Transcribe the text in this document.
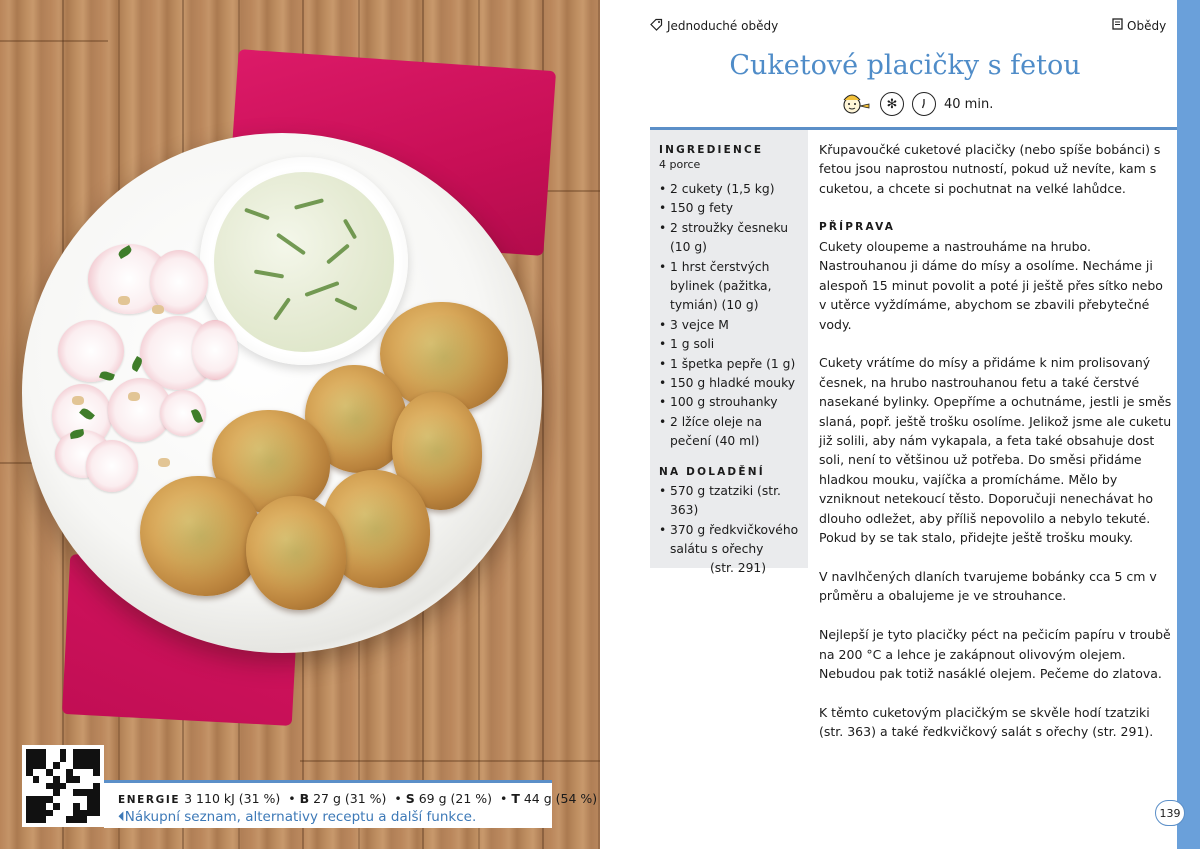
ENERGIE 3 110 kJ (31 %)  • B 27 g (31 %)  • S 69 g (21 %)  • T 44 g (54 %)
⏴Nákupní seznam, alternativy receptu a další funkce.
Jednoduché obědy	Obědy
Cuketové placičky s fetou
✻	40 min.
INGREDIENCE
4 porce
• 2 cukety (1,5 kg)
• 150 g fety
• 2 stroužky česneku (10 g)
• 1 hrst čerstvých bylinek (pažitka, tymián) (10 g)
• 3 vejce M
• 1 g soli
• 1 špetka pepře (1 g)
• 150 g hladké mouky
• 100 g strouhanky
• 2 lžíce oleje na pečení (40 ml)
NA DOLADĚNÍ
• 570 g tzatziki (str. 363)
• 370 g ředkvičkového salátu s ořechy
(str. 291)

Křupavoučké cuketové placičky (nebo spíše bobánci) s fetou jsou naprostou nutností, pokud už nevíte, kam s cuketou, a chcete si pochutnat na velké lahůdce.

PŘÍPRAVA

Cukety oloupeme a nastrouháme na hrubo. Nastrouhanou ji dáme do mísy a osolíme. Necháme ji alespoň 15 minut povolit a poté ji ještě přes sítko nebo v utěrce vyždímáme, abychom se zbavili přebytečné vody.

Cukety vrátíme do mísy a přidáme k nim prolisovaný česnek, na hrubo nastrouhanou fetu a také čerstvé nasekané bylinky. Opepříme a ochutnáme, jestli je směs slaná, popř. ještě trošku osolíme. Jelikož jsme ale cuketu již solili, aby nám vykapala, a feta také obsahuje dost soli, není to většinou už potřeba. Do směsi přidáme hladkou mouku, vajíčka a promícháme. Mělo by vzniknout netekoucí těsto. Doporučuji nenechávat ho dlouho odležet, aby příliš nepovolilo a nebylo tekuté. Pokud by se tak stalo, přidejte ještě trošku mouky.

V navlhčených dlaních tvarujeme bobánky cca 5 cm v průměru a obalujeme je ve strouhance.

Nejlepší je tyto placičky péct na pečicím papíru v troubě na 200 °C a lehce je zakápnout olivovým olejem. Nebudou pak totiž nasáklé olejem. Pečeme do zlatova.

K těmto cuketovým placičkým se skvěle hodí tzatziki (str. 363) a také ředkvičkový salát s ořechy (str. 291).

139
